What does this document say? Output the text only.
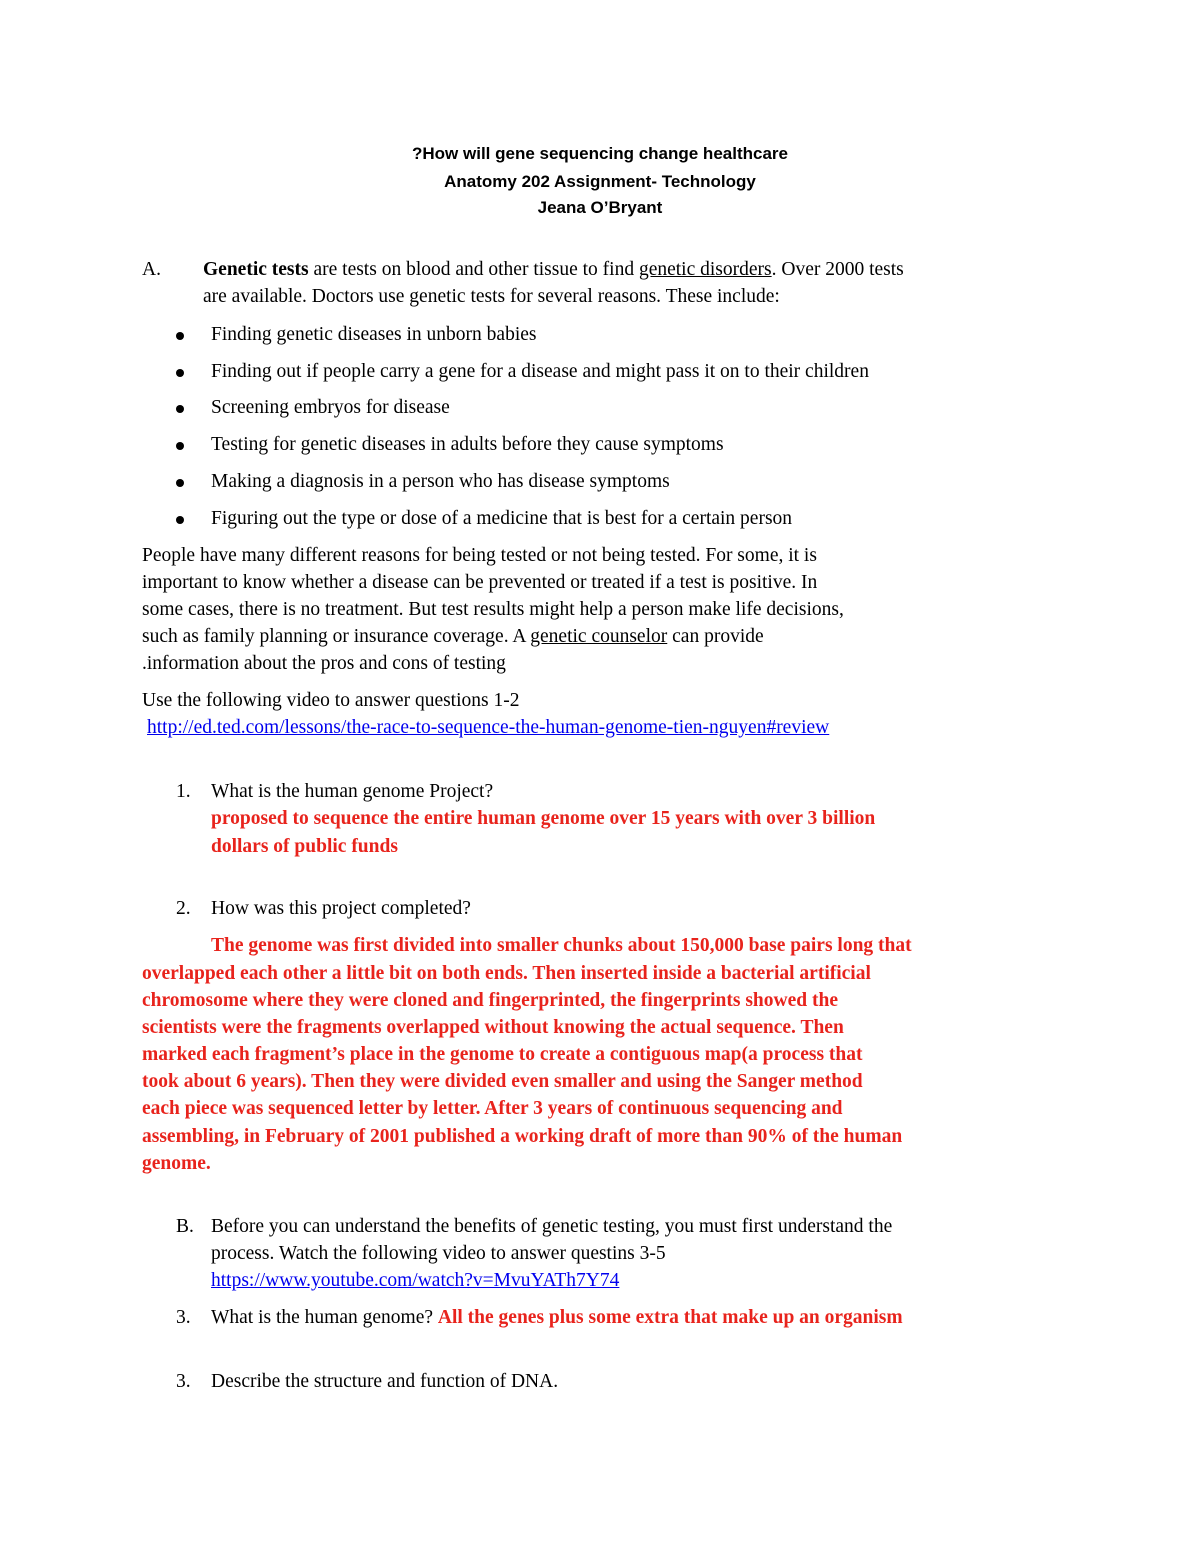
?How will gene sequencing change healthcare
Anatomy 202 Assignment- Technology
Jeana O’Bryant
A. Genetic tests are tests on blood and other tissue to find genetic disorders. Over 2000 tests
are available. Doctors use genetic tests for several reasons. These include:
Finding genetic diseases in unborn babies
Finding out if people carry a gene for a disease and might pass it on to their children
Screening embryos for disease
Testing for genetic diseases in adults before they cause symptoms
Making a diagnosis in a person who has disease symptoms
Figuring out the type or dose of a medicine that is best for a certain person
People have many different reasons for being tested or not being tested. For some, it is
important to know whether a disease can be prevented or treated if a test is positive. In
some cases, there is no treatment. But test results might help a person make life decisions,
such as family planning or insurance coverage. A genetic counselor can provide
.information about the pros and cons of testing
Use the following video to answer questions 1-2
http://ed.ted.com/lessons/the-race-to-sequence-the-human-genome-tien-nguyen#review
1. What is the human genome Project?
proposed to sequence the entire human genome over 15 years with over 3 billion
dollars of public funds
2. How was this project completed?
The genome was first divided into smaller chunks about 150,000 base pairs long that
overlapped each other a little bit on both ends. Then inserted inside a bacterial artificial
chromosome where they were cloned and fingerprinted, the fingerprints showed the
scientists were the fragments overlapped without knowing the actual sequence. Then
marked each fragment’s place in the genome to create a contiguous map(a process that
took about 6 years). Then they were divided even smaller and using the Sanger method
each piece was sequenced letter by letter. After 3 years of continuous sequencing and
assembling, in February of 2001 published a working draft of more than 90% of the human
genome.
B. Before you can understand the benefits of genetic testing, you must first understand the
process. Watch the following video to answer questins 3-5
https://www.youtube.com/watch?v=MvuYATh7Y74
3. What is the human genome? All the genes plus some extra that make up an organism
3. Describe the structure and function of DNA.
